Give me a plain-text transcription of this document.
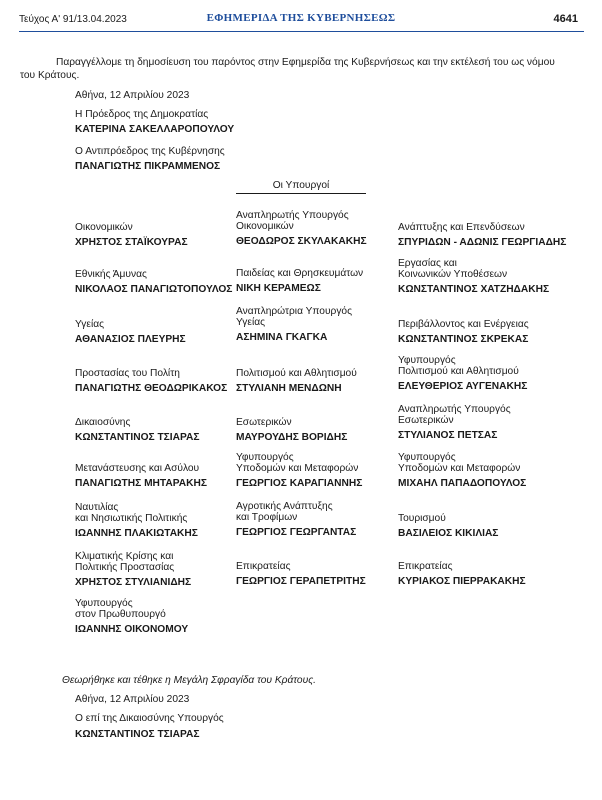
Τεύχος Α' 91/13.04.2023	ΕΦΗΜΕΡΙΔΑ ΤΗΣ ΚΥΒΕΡΝΗΣΕΩΣ	4641
Παραγγέλλομε τη δημοσίευση του παρόντος στην Εφημερίδα της Κυβερνήσεως και την εκτέλεσή του ως νόμου
του Κράτους.
Αθήνα, 12 Απριλίου 2023
Η Πρόεδρος της Δημοκρατίας
ΚΑΤΕΡΙΝΑ ΣΑΚΕΛΛΑΡΟΠΟΥΛΟΥ
Ο Αντιπρόεδρος της Κυβέρνησης
ΠΑΝΑΓΙΩΤΗΣ ΠΙΚΡΑΜΜΕΝΟΣ
Οι Υπουργοί
Οικονομικών
ΧΡΗΣΤΟΣ ΣΤΑΪΚΟΥΡΑΣ
Εθνικής Άμυνας
ΝΙΚΟΛΑΟΣ ΠΑΝΑΓΙΩΤΟΠΟΥΛΟΣ
Υγείας
ΑΘΑΝΑΣΙΟΣ ΠΛΕΥΡΗΣ
Προστασίας του Πολίτη
ΠΑΝΑΓΙΩΤΗΣ ΘΕΟΔΩΡΙΚΑΚΟΣ
Δικαιοσύνης
ΚΩΝΣΤΑΝΤΙΝΟΣ ΤΣΙΑΡΑΣ
Μετανάστευσης και Ασύλου
ΠΑΝΑΓΙΩΤΗΣ ΜΗΤΑΡΑΚΗΣ
Ναυτιλίας
και Νησιωτικής Πολιτικής
ΙΩΑΝΝΗΣ ΠΛΑΚΙΩΤΑΚΗΣ
Κλιματικής Κρίσης και
Πολιτικής Προστασίας
ΧΡΗΣΤΟΣ ΣΤΥΛΙΑΝΙΔΗΣ
Υφυπουργός
στον Πρωθυπουργό
ΙΩΑΝΝΗΣ ΟΙΚΟΝΟΜΟΥ
Αναπληρωτής Υπουργός
Οικονομικών
ΘΕΟΔΩΡΟΣ ΣΚΥΛΑΚΑΚΗΣ
Παιδείας και Θρησκευμάτων
ΝΙΚΗ ΚΕΡΑΜΕΩΣ
Αναπληρώτρια Υπουργός
Υγείας
ΑΣΗΜΙΝΑ ΓΚΑΓΚΑ
Πολιτισμού και Αθλητισμού
ΣΤΥΛΙΑΝΗ ΜΕΝΔΩΝΗ
Εσωτερικών
ΜΑΥΡΟΥΔΗΣ ΒΟΡΙΔΗΣ
Υφυπουργός
Υποδομών και Μεταφορών
ΓΕΩΡΓΙΟΣ ΚΑΡΑΓΙΑΝΝΗΣ
Αγροτικής Ανάπτυξης
και Τροφίμων
ΓΕΩΡΓΙΟΣ ΓΕΩΡΓΑΝΤΑΣ
Επικρατείας
ΓΕΩΡΓΙΟΣ ΓΕΡΑΠΕΤΡΙΤΗΣ
Ανάπτυξης και Επενδύσεων
ΣΠΥΡΙΔΩΝ - ΑΔΩΝΙΣ ΓΕΩΡΓΙΑΔΗΣ
Εργασίας και
Κοινωνικών Υποθέσεων
ΚΩΝΣΤΑΝΤΙΝΟΣ ΧΑΤΖΗΔΑΚΗΣ
Περιβάλλοντος και Ενέργειας
ΚΩΝΣΤΑΝΤΙΝΟΣ ΣΚΡΕΚΑΣ
Υφυπουργός
Πολιτισμού και Αθλητισμού
ΕΛΕΥΘΕΡΙΟΣ ΑΥΓΕΝΑΚΗΣ
Αναπληρωτής Υπουργός
Εσωτερικών
ΣΤΥΛΙΑΝΟΣ ΠΕΤΣΑΣ
Υφυπουργός
Υποδομών και Μεταφορών
ΜΙΧΑΗΛ ΠΑΠΑΔΟΠΟΥΛΟΣ
Τουρισμού
ΒΑΣΙΛΕΙΟΣ ΚΙΚΙΛΙΑΣ
Επικρατείας
ΚΥΡΙΑΚΟΣ ΠΙΕΡΡΑΚΑΚΗΣ
Θεωρήθηκε και τέθηκε η Μεγάλη Σφραγίδα του Κράτους.
Αθήνα, 12 Απριλίου 2023
Ο επί της Δικαιοσύνης Υπουργός
ΚΩΝΣΤΑΝΤΙΝΟΣ ΤΣΙΑΡΑΣ
